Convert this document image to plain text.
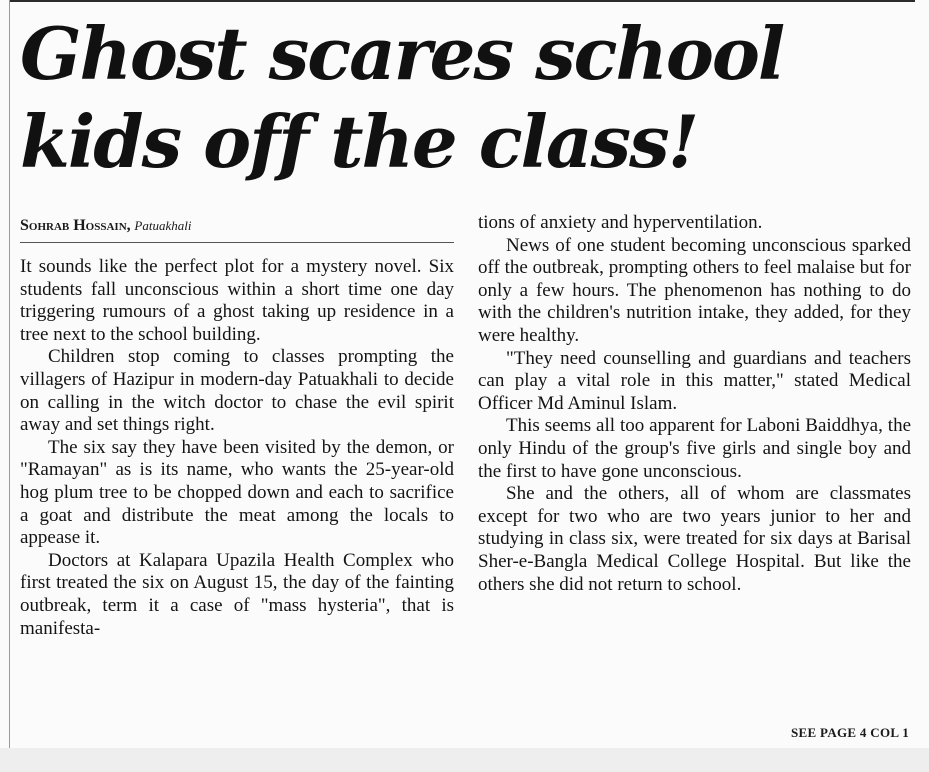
Ghost scares school
kids off the class!
Sohrab Hossain, Patuakhali

It sounds like the perfect plot for a mystery novel. Six students fall unconscious within a short time one day triggering rumours of a ghost taking up residence in a tree next to the school building.

Children stop coming to classes prompting the villagers of Hazipur in modern-day Patuakhali to decide on calling in the witch doctor to chase the evil spirit away and set things right.

The six say they have been visited by the demon, or "Ramayan" as is its name, who wants the 25-year-old hog plum tree to be chopped down and each to sacrifice a goat and distribute the meat among the locals to appease it.

Doctors at Kalapara Upazila Health Complex who first treated the six on August 15, the day of the fainting outbreak, term it a case of "mass hysteria", that is manifesta-

tions of anxiety and hyperventilation.

News of one student becoming unconscious sparked off the outbreak, prompting others to feel malaise but for only a few hours. The phenomenon has nothing to do with the children's nutrition intake, they added, for they were healthy.

"They need counselling and guardians and teachers can play a vital role in this matter," stated Medical Officer Md Aminul Islam.

This seems all too apparent for Laboni Baiddhya, the only Hindu of the group's five girls and single boy and the first to have gone unconscious.

She and the others, all of whom are classmates except for two who are two years junior to her and studying in class six, were treated for six days at Barisal Sher-e-Bangla Medical College Hospital. But like the others she did not return to school.

SEE PAGE 4 COL 1
